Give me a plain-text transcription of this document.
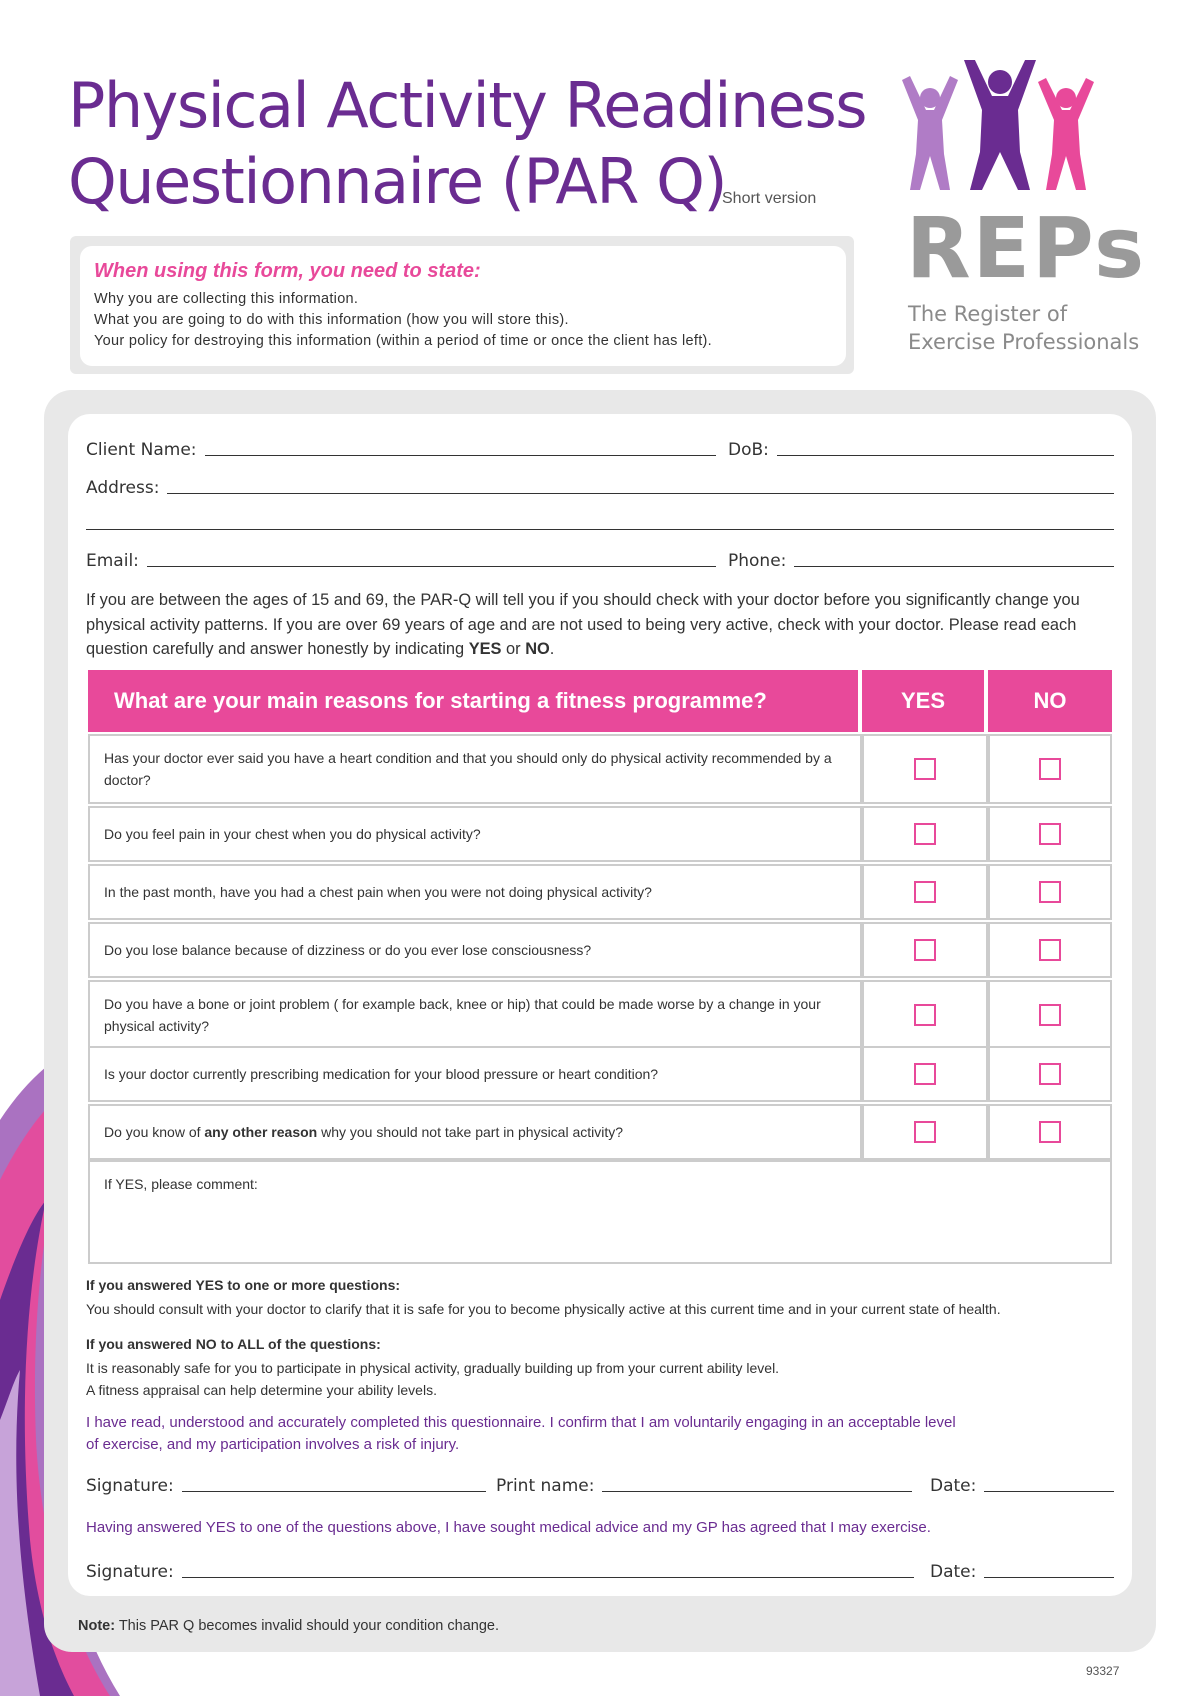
Physical Activity Readiness
Questionnaire (PAR Q)
Short version
REPs
The Register of
Exercise Professionals
When using this form, you need to state:
Why you are collecting this information.
What you are going to do with this information (how you will store this).
Your policy for destroying this information (within a period of time or once the client has left).
Client Name:	DoB:
Address:
Email:	Phone:
If you are between the ages of 15 and 69, the PAR-Q will tell you if you should check with your doctor before you significantly change you physical activity patterns. If you are over 69 years of age and are not used to being very active, check with your doctor. Please read each question carefully and answer honestly by indicating YES or NO.
What are your main reasons for starting a fitness programme?	YES	NO
Has your doctor ever said you have a heart condition and that you should only do physical activity recommended by a doctor?
Do you feel pain in your chest when you do physical activity?
In the past month, have you had a chest pain when you were not doing physical activity?
Do you lose balance because of dizziness or do you ever lose consciousness?
Do you have a bone or joint problem ( for example back, knee or hip) that could be made worse by a change in your physical activity?
Is your doctor currently prescribing medication for your blood pressure or heart condition?
Do you know of any other reason why you should not take part in physical activity?
If YES, please comment:
If you answered YES to one or more questions:
You should consult with your doctor to clarify that it is safe for you to become physically active at this current time and in your current state of health.
If you answered NO to ALL of the questions:
It is reasonably safe for you to participate in physical activity, gradually building up from your current ability level.
A fitness appraisal can help determine your ability levels.
I have read, understood and accurately completed this questionnaire. I confirm that I am voluntarily engaging in an acceptable level
of exercise, and my participation involves a risk of injury.
Signature:	Print name:	Date:
Having answered YES to one of the questions above, I have sought medical advice and my GP has agreed that I may exercise.
Signature:	Date:
Note: This PAR Q becomes invalid should your condition change.
93327
